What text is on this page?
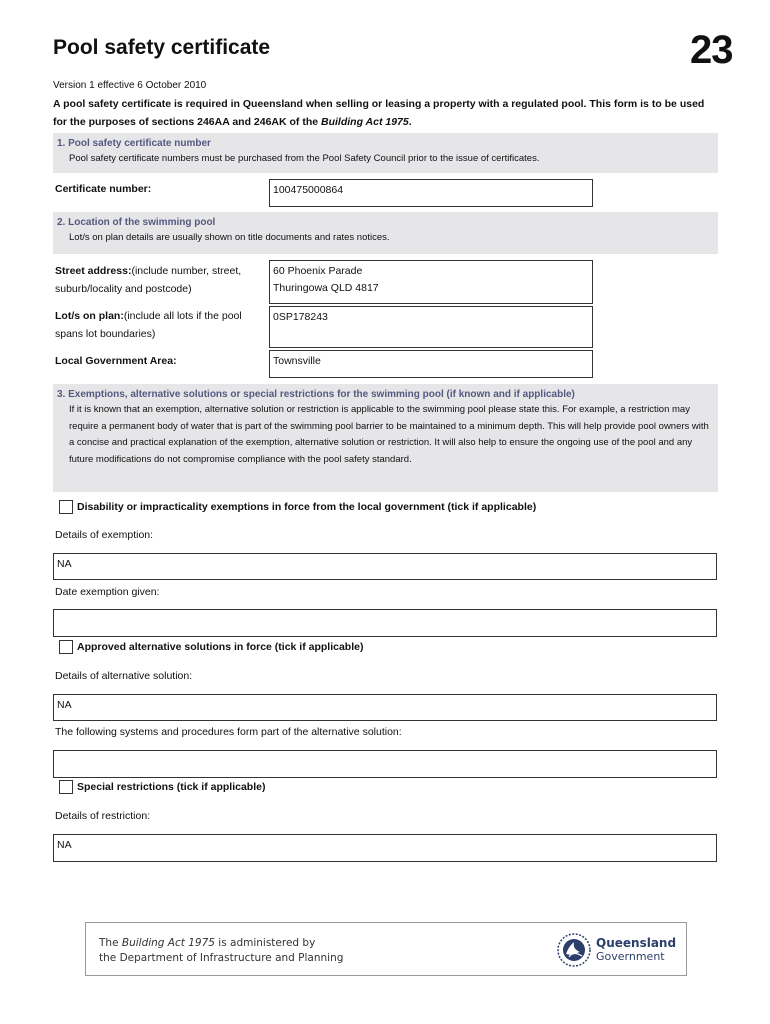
Pool safety certificate	23
Version 1 effective 6 October 2010
A pool safety certificate is required in Queensland when selling or leasing a property with a regulated pool. This form is to be used for the purposes of sections 246AA and 246AK of the Building Act 1975.
1. Pool safety certificate number
Pool safety certificate numbers must be purchased from the Pool Safety Council prior to the issue of certificates.
Certificate number:	100475000864
2. Location of the swimming pool
Lot/s on plan details are usually shown on title documents and rates notices.
Street address:(include number, street,
suburb/locality and postcode)
60 Phoenix Parade
Thuringowa QLD 4817
Lot/s on plan:(include all lots if the pool
spans lot boundaries)
0SP178243
Local Government Area:	Townsville
3. Exemptions, alternative solutions or special restrictions for the swimming pool (if known and if applicable)
If it is known that an exemption, alternative solution or restriction is applicable to the swimming pool please state this. For example, a restriction may require a permanent body of water that is part of the swimming pool barrier to be maintained to a minimum depth. This will help provide pool owners with a concise and practical explanation of the exemption, alternative solution or restriction. It will also help to ensure the ongoing use of the pool and any future modifications do not compromise compliance with the pool safety standard.
Disability or impracticality exemptions in force from the local government (tick if applicable)
Details of exemption:
NA
Date exemption given:
Approved alternative solutions in force (tick if applicable)
Details of alternative solution:
NA
The following systems and procedures form part of the alternative solution:
Special restrictions (tick if applicable)
Details of restriction:
NA
The Building Act 1975 is administered by
the Department of Infrastructure and Planning
Queensland
Government
